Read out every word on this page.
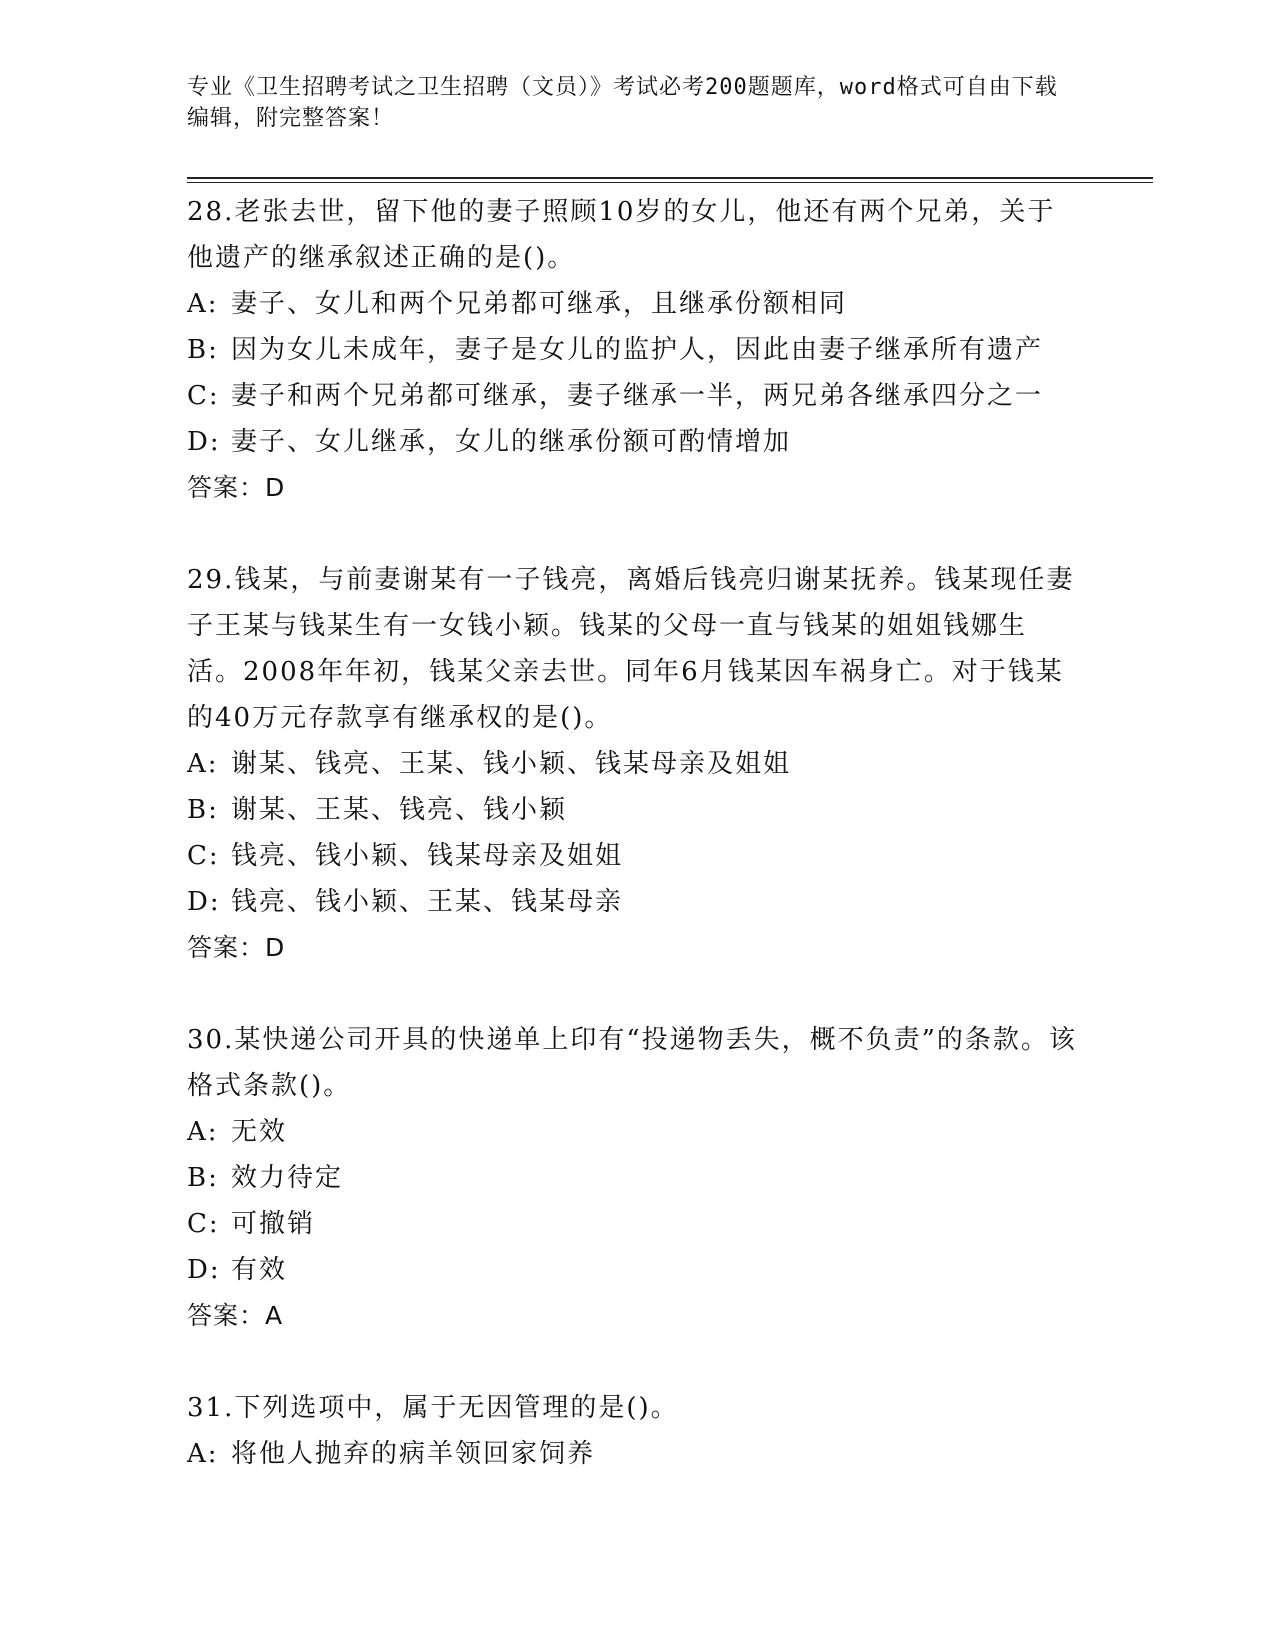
专业《卫生招聘考试之卫生招聘（文员）》考试必考200题题库，word格式可自由下载编辑，附完整答案！

28.老张去世，留下他的妻子照顾10岁的女儿，他还有两个兄弟，关于他遗产的继承叙述正确的是()。

A: 妻子、女儿和两个兄弟都可继承，且继承份额相同

B: 因为女儿未成年，妻子是女儿的监护人，因此由妻子继承所有遗产

C: 妻子和两个兄弟都可继承，妻子继承一半，两兄弟各继承四分之一

D: 妻子、女儿继承，女儿的继承份额可酌情增加

答案：D

29.钱某，与前妻谢某有一子钱亮，离婚后钱亮归谢某抚养。钱某现任妻子王某与钱某生有一女钱小颖。钱某的父母一直与钱某的姐姐钱娜生活。2008年年初，钱某父亲去世。同年6月钱某因车祸身亡。对于钱某的40万元存款享有继承权的是()。

A: 谢某、钱亮、王某、钱小颖、钱某母亲及姐姐

B: 谢某、王某、钱亮、钱小颖

C: 钱亮、钱小颖、钱某母亲及姐姐

D: 钱亮、钱小颖、王某、钱某母亲

答案：D

30.某快递公司开具的快递单上印有“投递物丢失，概不负责”的条款。该格式条款()。

A: 无效

B: 效力待定

C: 可撤销

D: 有效

答案：A

31.下列选项中，属于无因管理的是()。

A: 将他人抛弃的病羊领回家饲养
